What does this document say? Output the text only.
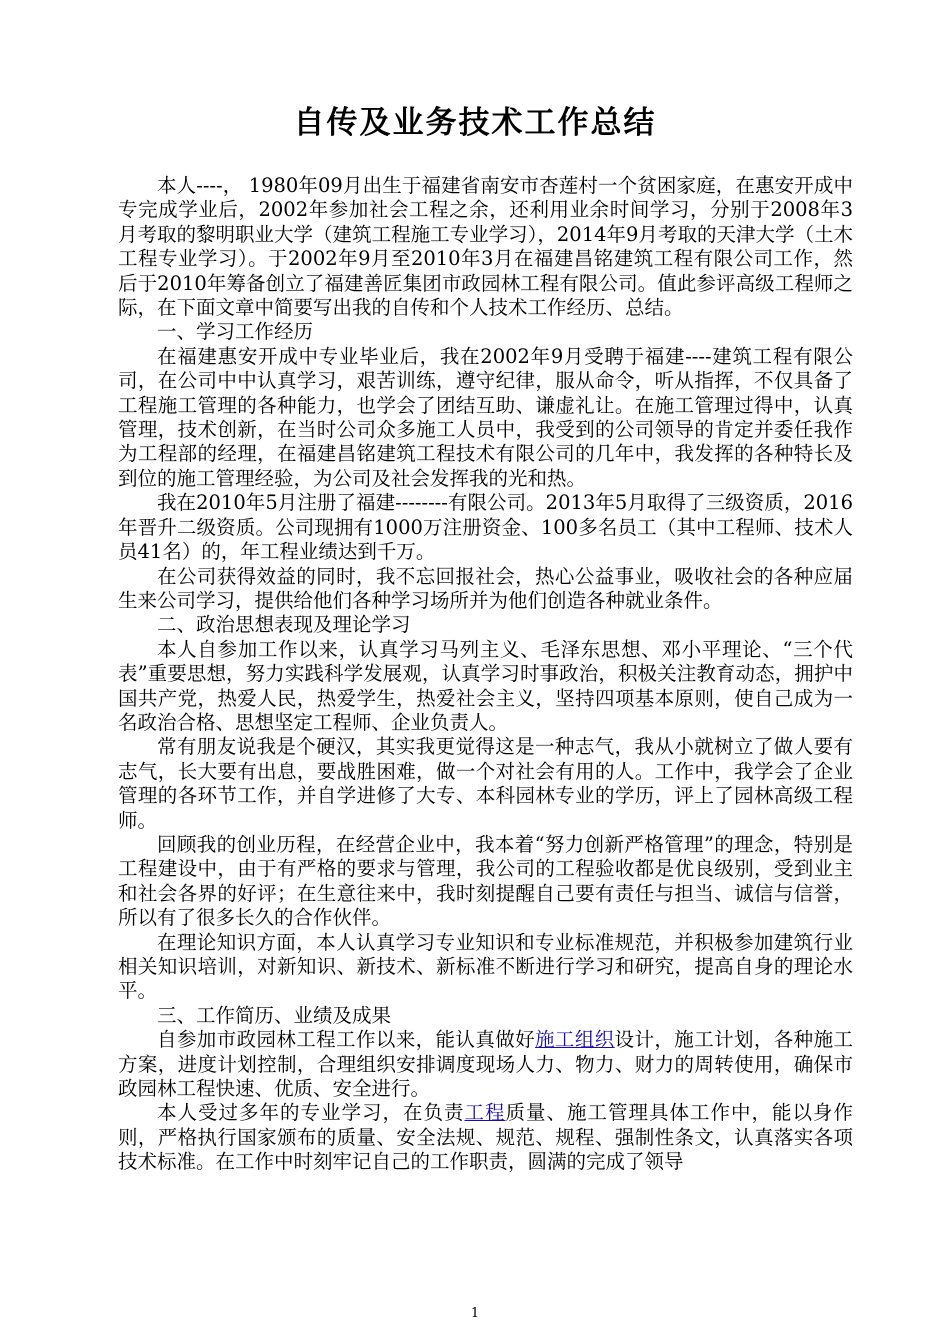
自传及业务技术工作总结

本人----， 1980年09月出生于福建省南安市杏莲村一个贫困家庭，在惠安开成中专完成学业后，2002年参加社会工程之余，还利用业余时间学习，分别于2008年3月考取的黎明职业大学（建筑工程施工专业学习），2014年9月考取的天津大学（土木工程专业学习）。于2002年9月至2010年3月在福建昌铭建筑工程有限公司工作，然后于2010年筹备创立了福建善匠集团市政园林工程有限公司。值此参评高级工程师之际，在下面文章中简要写出我的自传和个人技术工作经历、总结。

一、学习工作经历

在福建惠安开成中专业毕业后，我在2002年9月受聘于福建----建筑工程有限公司，在公司中中认真学习，艰苦训练，遵守纪律，服从命令，听从指挥，不仅具备了工程施工管理的各种能力，也学会了团结互助、谦虚礼让。在施工管理过得中，认真管理，技术创新，在当时公司众多施工人员中，我受到的公司领导的肯定并委任我作为工程部的经理，在福建昌铭建筑工程技术有限公司的几年中，我发挥的各种特长及到位的施工管理经验，为公司及社会发挥我的光和热。

我在2010年5月注册了福建--------有限公司。2013年5月取得了三级资质，2016年晋升二级资质。公司现拥有1000万注册资金、100多名员工（其中工程师、技术人员41名）的，年工程业绩达到千万。

在公司获得效益的同时，我不忘回报社会，热心公益事业，吸收社会的各种应届生来公司学习，提供给他们各种学习场所并为他们创造各种就业条件。

二、政治思想表现及理论学习

本人自参加工作以来，认真学习马列主义、毛泽东思想、邓小平理论、“三个代表”重要思想，努力实践科学发展观，认真学习时事政治，积极关注教育动态，拥护中国共产党，热爱人民，热爱学生，热爱社会主义，坚持四项基本原则，使自己成为一名政治合格、思想坚定工程师、企业负责人。

常有朋友说我是个硬汉，其实我更觉得这是一种志气，我从小就树立了做人要有志气，长大要有出息，要战胜困难，做一个对社会有用的人。工作中，我学会了企业管理的各环节工作，并自学进修了大专、本科园林专业的学历，评上了园林高级工程师。

回顾我的创业历程，在经营企业中，我本着“努力创新严格管理”的理念，特别是工程建设中，由于有严格的要求与管理，我公司的工程验收都是优良级别，受到业主和社会各界的好评；在生意往来中，我时刻提醒自己要有责任与担当、诚信与信誉， 所以有了很多长久的合作伙伴。

在理论知识方面，本人认真学习专业知识和专业标准规范，并积极参加建筑行业相关知识培训，对新知识、新技术、新标准不断进行学习和研究，提高自身的理论水平。

三、工作简历、业绩及成果

自参加市政园林工程工作以来，能认真做好施工组织设计，施工计划，各种施工方案，进度计划控制，合理组织安排调度现场人力、物力、财力的周转使用，确保市政园林工程快速、优质、安全进行。

本人受过多年的专业学习，在负责工程质量、施工管理具体工作中，能以身作则，严格执行国家颁布的质量、安全法规、规范、规程、强制性条文，认真落实各项技术标准。在工作中时刻牢记自己的工作职责，圆满的完成了领导

1
